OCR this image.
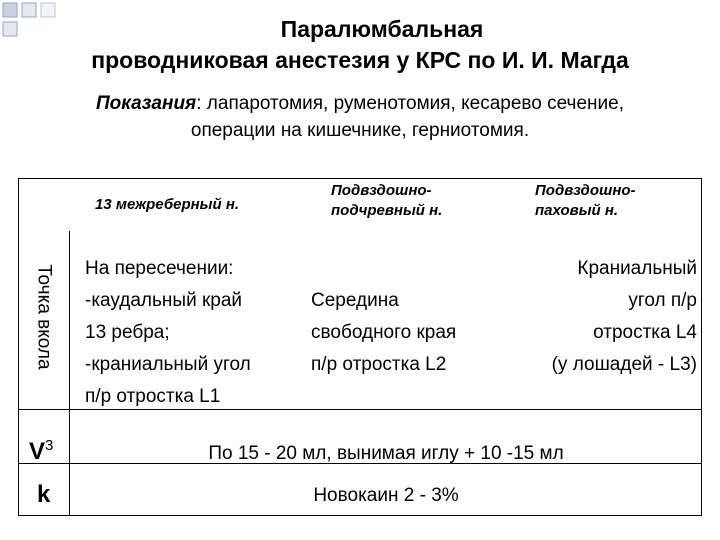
Паралюмбальная
проводниковая анестезия у КРС по И. И. Магда
Показания: лапаротомия, руменотомия, кесарево сечение,
операции на кишечнике, герниотомия.
13 межреберный н.
Подвздошно-
подчревный н.
Подвздошно-
паховый н.
Точка вкола На пересечении:
-каудальный край
13 ребра;
-краниальный угол
п/р отростка L1
Середина
свободного края
п/р отростка L2
Краниальный
угол п/р
отростка L4
(у лошадей - L3)
$V^3$	По 15 - 20 мл, вынимая иглу + 10 -15 мл
k	Новокаин 2 - 3%
